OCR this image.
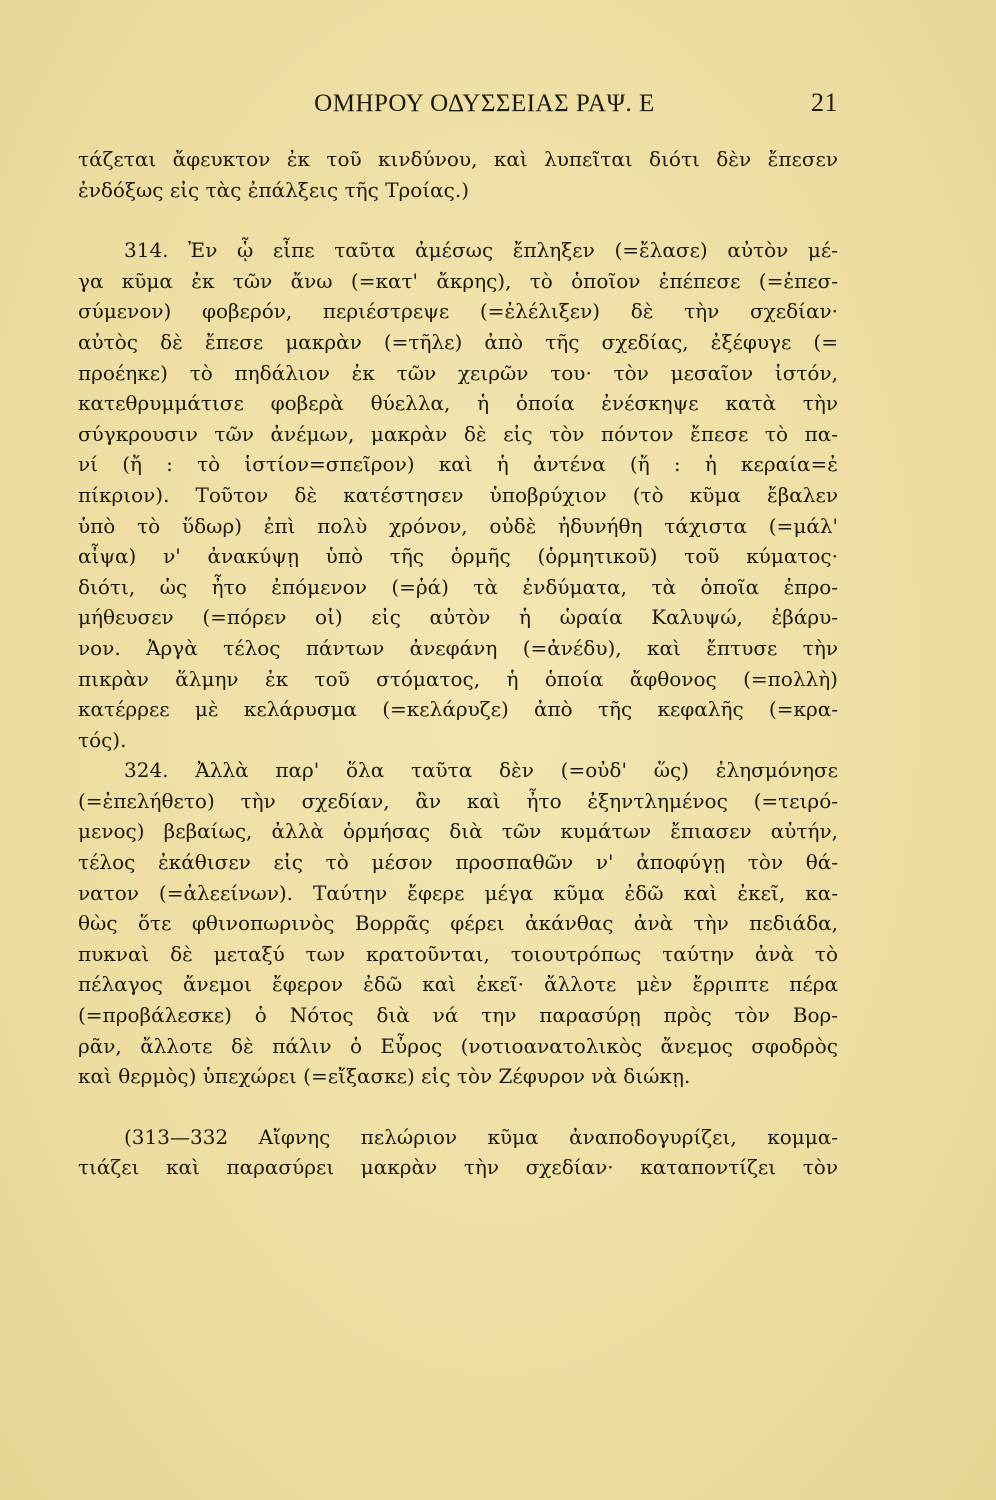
ΟΜΗΡΟΥ ΟΔΥΣΣΕΙΑΣ ΡΑΨ. Ε	21
τάζεται ἄφευκτον ἐκ τοῦ κινδύνου, καὶ λυπεῖται διότι δὲν ἔπεσεν
ἐνδόξως εἰς τὰς ἐπάλξεις τῆς Τροίας.)
314. Ἐν ᾧ εἶπε ταῦτα ἀμέσως ἔπληξεν (=ἔλασε) αὐτὸν μέ-
γα κῦμα ἐκ τῶν ἄνω (=κατ' ἄκρης), τὸ ὁποῖον ἐπέπεσε (=ἐπεσ-
σύμενον) φοβερόν, περιέστρεψε (=ἐλέλιξεν) δὲ τὴν σχεδίαν·
αὐτὸς δὲ ἔπεσε μακρὰν (=τῆλε) ἀπὸ τῆς σχεδίας, ἐξέφυγε (=
προέηκε) τὸ πηδάλιον ἐκ τῶν χειρῶν του· τὸν μεσαῖον ἱστόν,
κατεθρυμμάτισε φοβερὰ θύελλα, ἡ ὁποία ἐνέσκηψε κατὰ τὴν
σύγκρουσιν τῶν ἀνέμων, μακρὰν δὲ εἰς τὸν πόντον ἔπεσε τὸ πα-
νί (ἤ : τὸ ἱστίον=σπεῖρον) καὶ ἡ ἀντένα (ἤ : ἡ κεραία=ἐ
πίκριον). Τοῦτον δὲ κατέστησεν ὑποβρύχιον (τὸ κῦμα ἔβαλεν
ὑπὸ τὸ ὕδωρ) ἐπὶ πολὺ χρόνον, οὐδὲ ἠδυνήθη τάχιστα (=μάλ'
αἶψα) ν' ἀνακύψῃ ὑπὸ τῆς ὁρμῆς (ὁρμητικοῦ) τοῦ κύματος·
διότι, ὡς ἦτο ἐπόμενον (=ῥά) τὰ ἐνδύματα, τὰ ὁποῖα ἐπρο-
μήθευσεν (=πόρεν οἱ) εἰς αὐτὸν ἡ ὡραία Καλυψώ, ἐβάρυ-
νον. Ἀργὰ τέλος πάντων ἀνεφάνη (=ἀνέδυ), καὶ ἔπτυσε τὴν
πικρὰν ἅλμην ἐκ τοῦ στόματος, ἡ ὁποία ἄφθονος (=πολλὴ)
κατέρρεε μὲ κελάρυσμα (=κελάρυζε) ἀπὸ τῆς κεφαλῆς (=κρα-
τός).
324. Ἀλλὰ παρ' ὅλα ταῦτα δὲν (=οὐδ' ὥς) ἐλησμόνησε
(=ἐπελήθετο) τὴν σχεδίαν, ἂν καὶ ἦτο ἐξηντλημένος (=τειρό-
μενος) βεβαίως, ἀλλὰ ὁρμήσας διὰ τῶν κυμάτων ἔπιασεν αὐτήν,
τέλος ἐκάθισεν εἰς τὸ μέσον προσπαθῶν ν' ἀποφύγῃ τὸν θά-
νατον (=ἀλεείνων). Ταύτην ἔφερε μέγα κῦμα ἐδῶ καὶ ἐκεῖ, κα-
θὼς ὅτε φθινοπωρινὸς Βορρᾶς φέρει ἀκάνθας ἀνὰ τὴν πεδιάδα,
πυκναὶ δὲ μεταξύ των κρατοῦνται, τοιουτρόπως ταύτην ἀνὰ τὸ
πέλαγος ἄνεμοι ἔφερον ἐδῶ καὶ ἐκεῖ· ἄλλοτε μὲν ἔρριπτε πέρα
(=προβάλεσκε) ὁ Νότος διὰ νά την παρασύρῃ πρὸς τὸν Βορ-
ρᾶν, ἄλλοτε δὲ πάλιν ὁ Εὖρος (νοτιοανατολικὸς ἄνεμος σφοδρὸς
καὶ θερμὸς) ὑπεχώρει (=εἴξασκε) εἰς τὸν Ζέφυρον νὰ διώκῃ.
(313—332 Αἴφνης πελώριον κῦμα ἀναποδογυρίζει, κομμα-
τιάζει καὶ παρασύρει μακρὰν τὴν σχεδίαν· καταποντίζει τὸν
